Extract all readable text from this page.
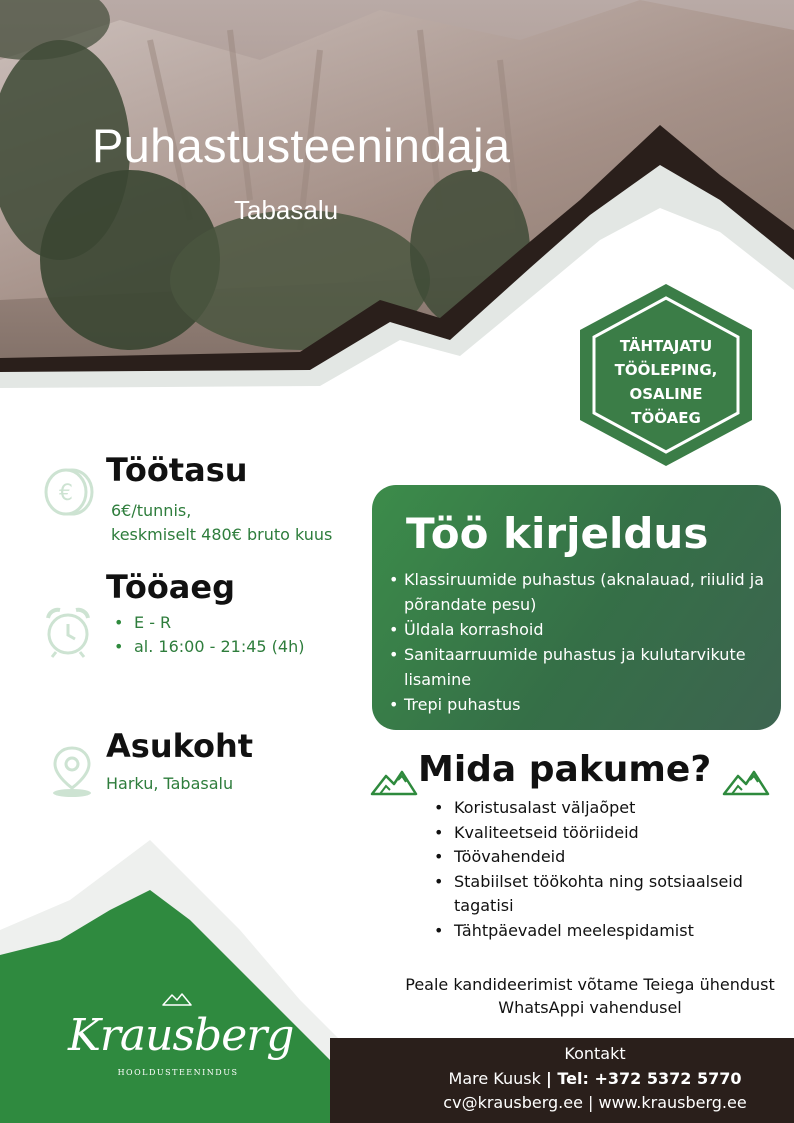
Puhastusteenindaja
Tabasalu
TÄHTAJATU
TÖÖLEPING,
OSALINE
TÖÖAEG
€
Töötasu
6€/tunnis,
keskmiselt 480€ bruto kuus
Tööaeg
• E - R
• al. 16:00 - 21:45 (4h)
Asukoht
Harku, Tabasalu
Töö kirjeldus
• Klassiruumide puhastus (aknalauad, riiulid ja põrandate pesu)
• Üldala korrashoid
• Sanitaarruumide puhastus ja kulutarvikute lisamine
• Trepi puhastus
Mida pakume?
• Koristusalast väljaõpet
• Kvaliteetseid tööriideid
• Töövahendeid
• Stabiilset töökohta ning sotsiaalseid tagatisi
• Tähtpäevadel meelespidamist
Peale kandideerimist võtame Teiega ühendust
WhatsAppi vahendusel
Kontakt
Mare Kuusk | Tel: +372 5372 5770
cv@krausberg.ee | www.krausberg.ee
Krausberg
HOOLDUSTEENINDUS
